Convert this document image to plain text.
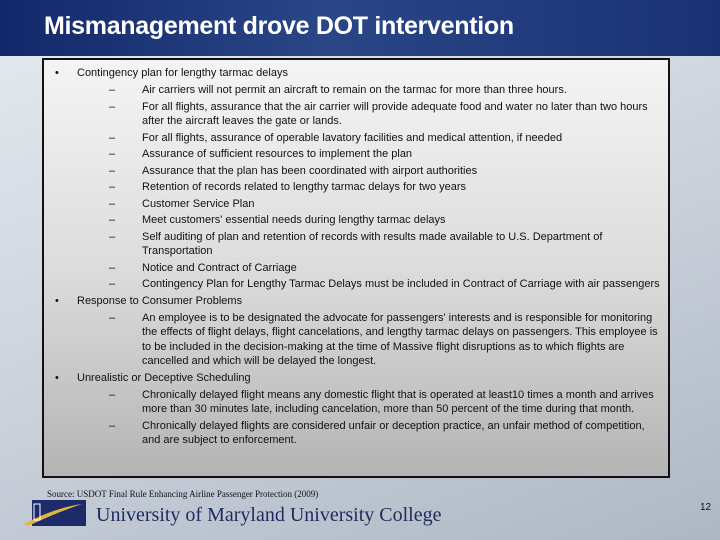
Mismanagement drove DOT intervention
• Contingency plan for lengthy tarmac delays
– Air carriers will not permit an aircraft to remain on the tarmac for more than three hours.
– For all flights, assurance that the air carrier will provide adequate food and water no later than two hours after the aircraft leaves the gate or lands.
– For all flights, assurance of operable lavatory facilities and medical attention, if needed
– Assurance of sufficient resources to implement the plan
– Assurance that the plan has been coordinated with airport authorities
– Retention of records related to lengthy tarmac delays for two years
– Customer Service Plan
– Meet customers' essential needs during lengthy tarmac delays
– Self auditing of plan and retention of records with results made available to U.S. Department of Transportation
– Notice and Contract of Carriage
– Contingency Plan for Lengthy Tarmac Delays must be included in Contract of Carriage with air passengers
• Response to Consumer Problems
– An employee is to be designated the advocate for passengers' interests and is responsible for monitoring the effects of flight delays, flight cancelations, and lengthy tarmac delays on passengers. This employee is to be included in the decision-making at the time of Massive flight disruptions as to which flights are cancelled and which will be delayed the longest.
• Unrealistic or Deceptive Scheduling
– Chronically delayed flight means any domestic flight that is operated at least10 times a month and arrives more than 30 minutes late, including cancelation, more than 50 percent of the time during that month.
– Chronically delayed flights are considered unfair or deception practice, an unfair method of competition, and are subject to enforcement.
Source: USDOT Final Rule Enhancing Airline Passenger Protection (2009)
University of Maryland University College	12
